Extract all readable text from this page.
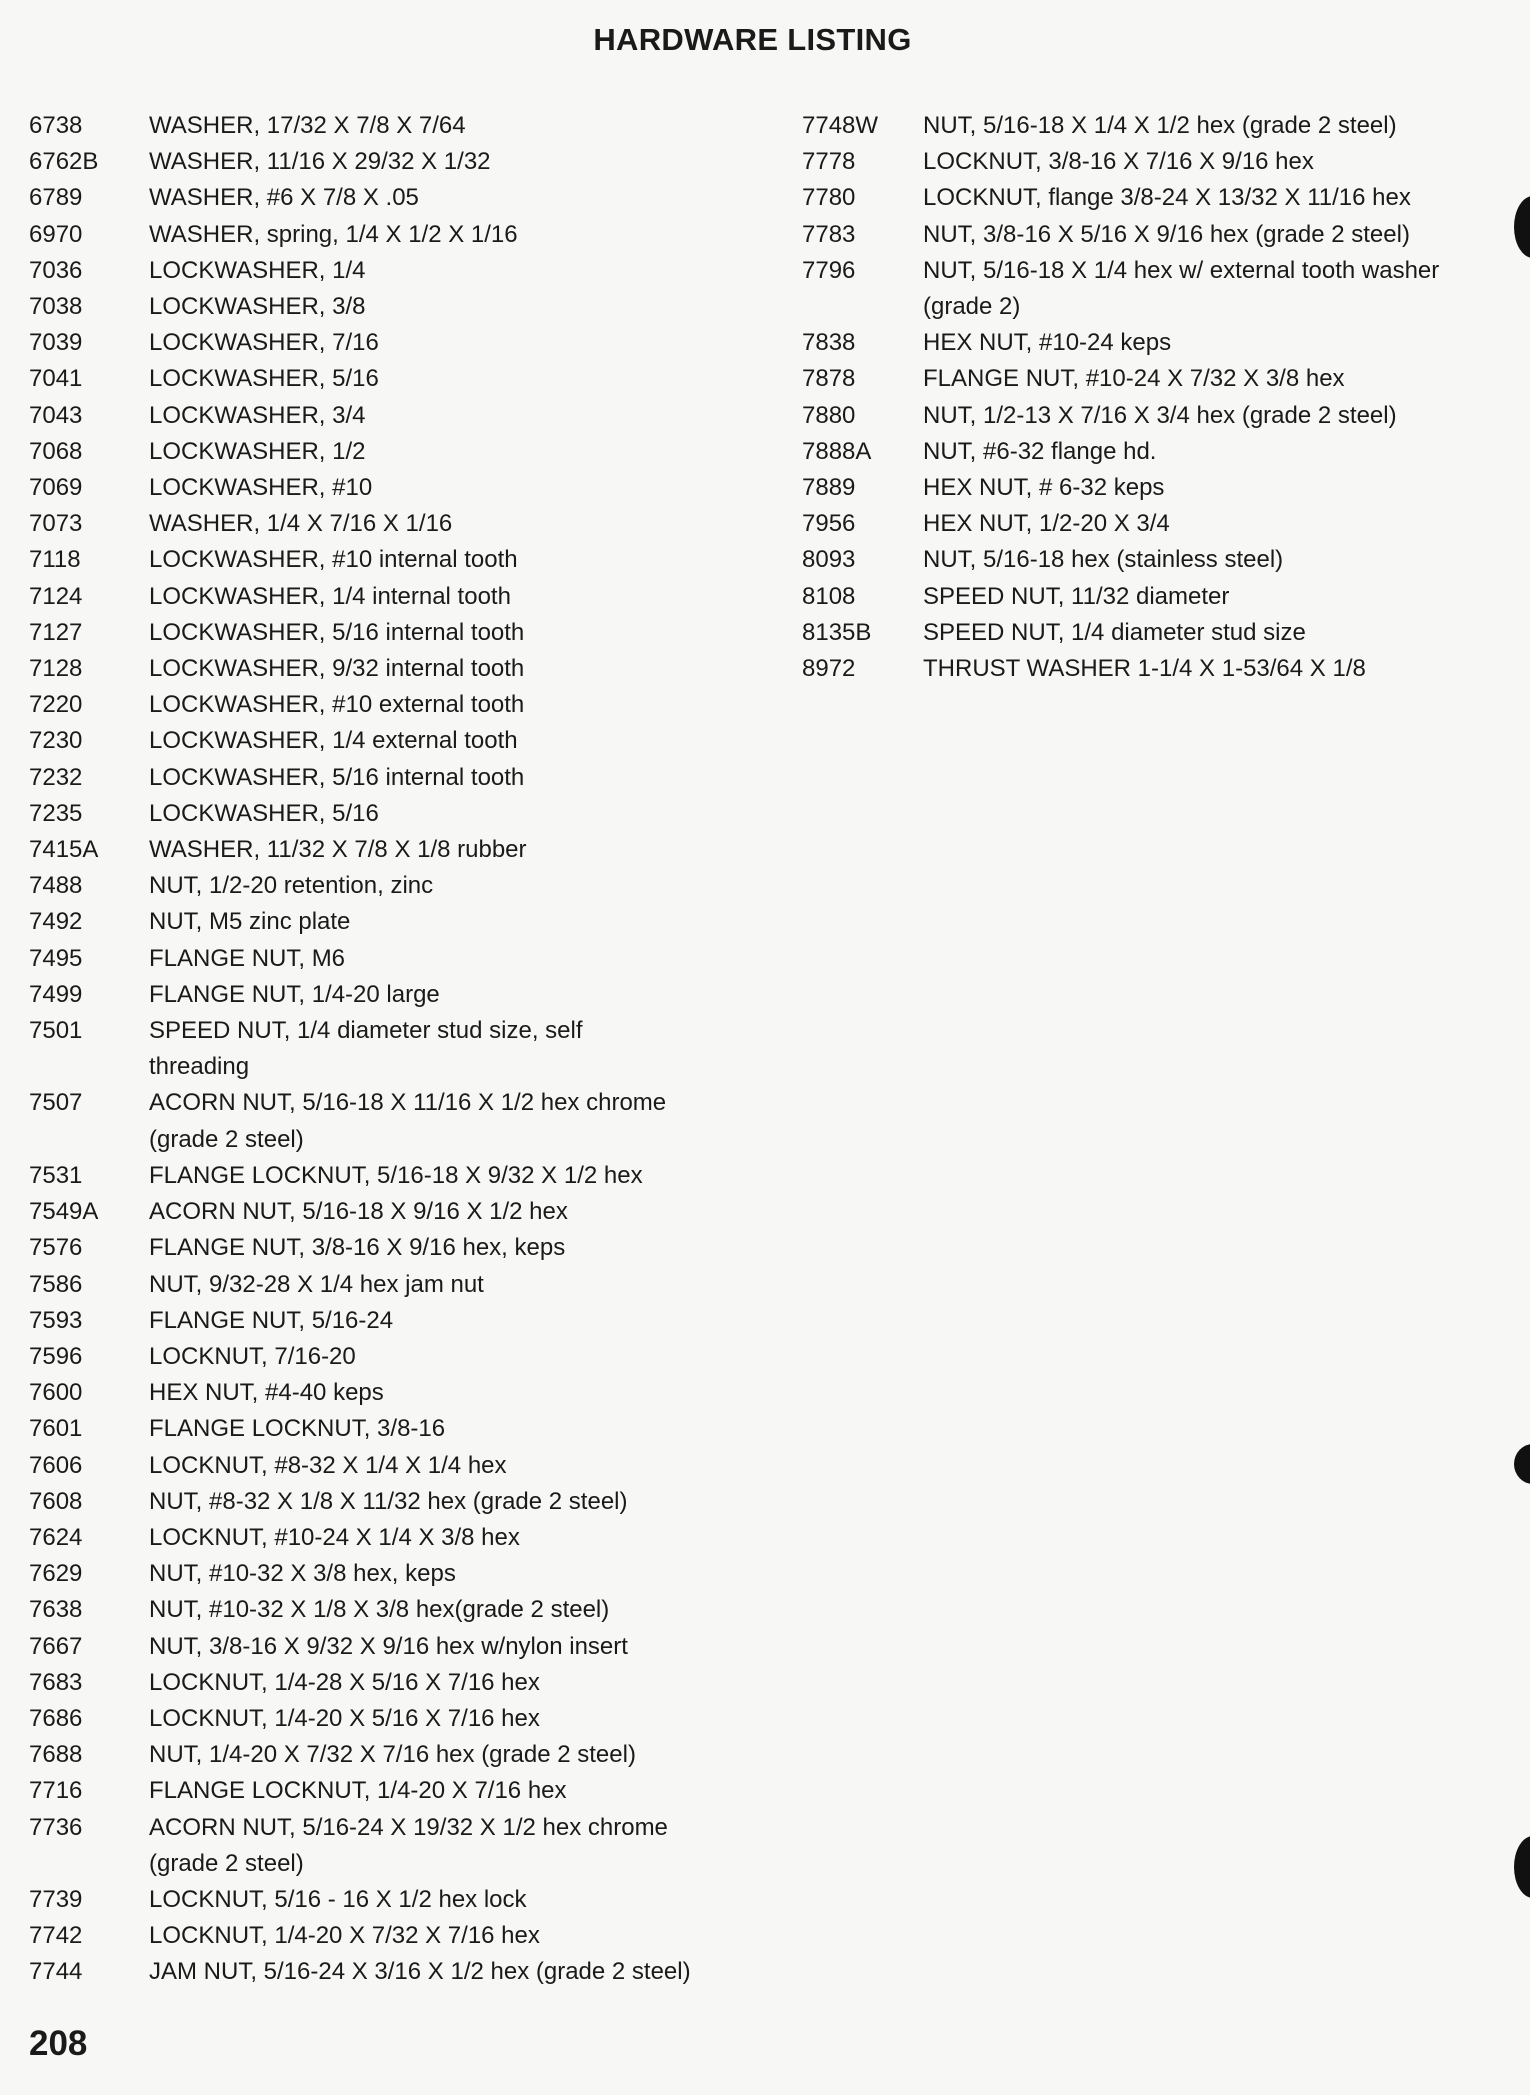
HARDWARE LISTING
6738	WASHER, 17/32 X 7/8 X 7/64
6762B	WASHER, 11/16 X 29/32 X 1/32
6789	WASHER, #6 X 7/8 X .05
6970	WASHER, spring, 1/4 X 1/2 X 1/16
7036	LOCKWASHER, 1/4
7038	LOCKWASHER, 3/8
7039	LOCKWASHER, 7/16
7041	LOCKWASHER, 5/16
7043	LOCKWASHER, 3/4
7068	LOCKWASHER, 1/2
7069	LOCKWASHER, #10
7073	WASHER, 1/4 X 7/16 X 1/16
7118	LOCKWASHER, #10 internal tooth
7124	LOCKWASHER, 1/4 internal tooth
7127	LOCKWASHER, 5/16 internal tooth
7128	LOCKWASHER, 9/32 internal tooth
7220	LOCKWASHER, #10 external tooth
7230	LOCKWASHER, 1/4 external tooth
7232	LOCKWASHER, 5/16 internal tooth
7235	LOCKWASHER, 5/16
7415A	WASHER, 11/32 X 7/8 X 1/8 rubber
7488	NUT, 1/2-20 retention, zinc
7492	NUT, M5 zinc plate
7495	FLANGE NUT, M6
7499	FLANGE NUT, 1/4-20 large
7501	SPEED NUT, 1/4 diameter stud size, self
threading
7507	ACORN NUT, 5/16-18 X 11/16 X 1/2 hex chrome
(grade 2 steel)
7531	FLANGE LOCKNUT, 5/16-18 X 9/32 X 1/2 hex
7549A	ACORN NUT, 5/16-18 X 9/16 X 1/2 hex
7576	FLANGE NUT, 3/8-16 X 9/16 hex, keps
7586	NUT, 9/32-28 X 1/4 hex jam nut
7593	FLANGE NUT, 5/16-24
7596	LOCKNUT, 7/16-20
7600	HEX NUT, #4-40 keps
7601	FLANGE LOCKNUT, 3/8-16
7606	LOCKNUT, #8-32 X 1/4 X 1/4 hex
7608	NUT, #8-32 X 1/8 X 11/32 hex (grade 2 steel)
7624	LOCKNUT, #10-24 X 1/4 X 3/8 hex
7629	NUT, #10-32 X 3/8 hex, keps
7638	NUT, #10-32 X 1/8 X 3/8 hex(grade 2 steel)
7667	NUT, 3/8-16 X 9/32 X 9/16 hex w/nylon insert
7683	LOCKNUT, 1/4-28 X 5/16 X 7/16 hex
7686	LOCKNUT, 1/4-20 X 5/16 X 7/16 hex
7688	NUT, 1/4-20 X 7/32 X 7/16 hex (grade 2 steel)
7716	FLANGE LOCKNUT, 1/4-20 X 7/16 hex
7736	ACORN NUT, 5/16-24 X 19/32 X 1/2 hex chrome
(grade 2 steel)
7739	LOCKNUT, 5/16 - 16 X 1/2 hex lock
7742	LOCKNUT, 1/4-20 X 7/32 X 7/16 hex
7744	JAM NUT, 5/16-24 X 3/16 X 1/2 hex (grade 2 steel)
7748W	NUT, 5/16-18 X 1/4 X 1/2 hex (grade 2 steel)
7778	LOCKNUT, 3/8-16 X 7/16 X 9/16 hex
7780	LOCKNUT, flange 3/8-24 X 13/32 X 11/16 hex
7783	NUT, 3/8-16 X 5/16 X 9/16 hex (grade 2 steel)
7796	NUT, 5/16-18 X 1/4 hex w/ external tooth washer
(grade 2)
7838	HEX NUT, #10-24 keps
7878	FLANGE NUT, #10-24 X 7/32 X 3/8 hex
7880	NUT, 1/2-13 X 7/16 X 3/4 hex (grade 2 steel)
7888A	NUT, #6-32 flange hd.
7889	HEX NUT, # 6-32 keps
7956	HEX NUT, 1/2-20 X 3/4
8093	NUT, 5/16-18 hex (stainless steel)
8108	SPEED NUT, 11/32 diameter
8135B	SPEED NUT, 1/4 diameter stud size
8972	THRUST WASHER 1-1/4 X 1-53/64 X 1/8
208
